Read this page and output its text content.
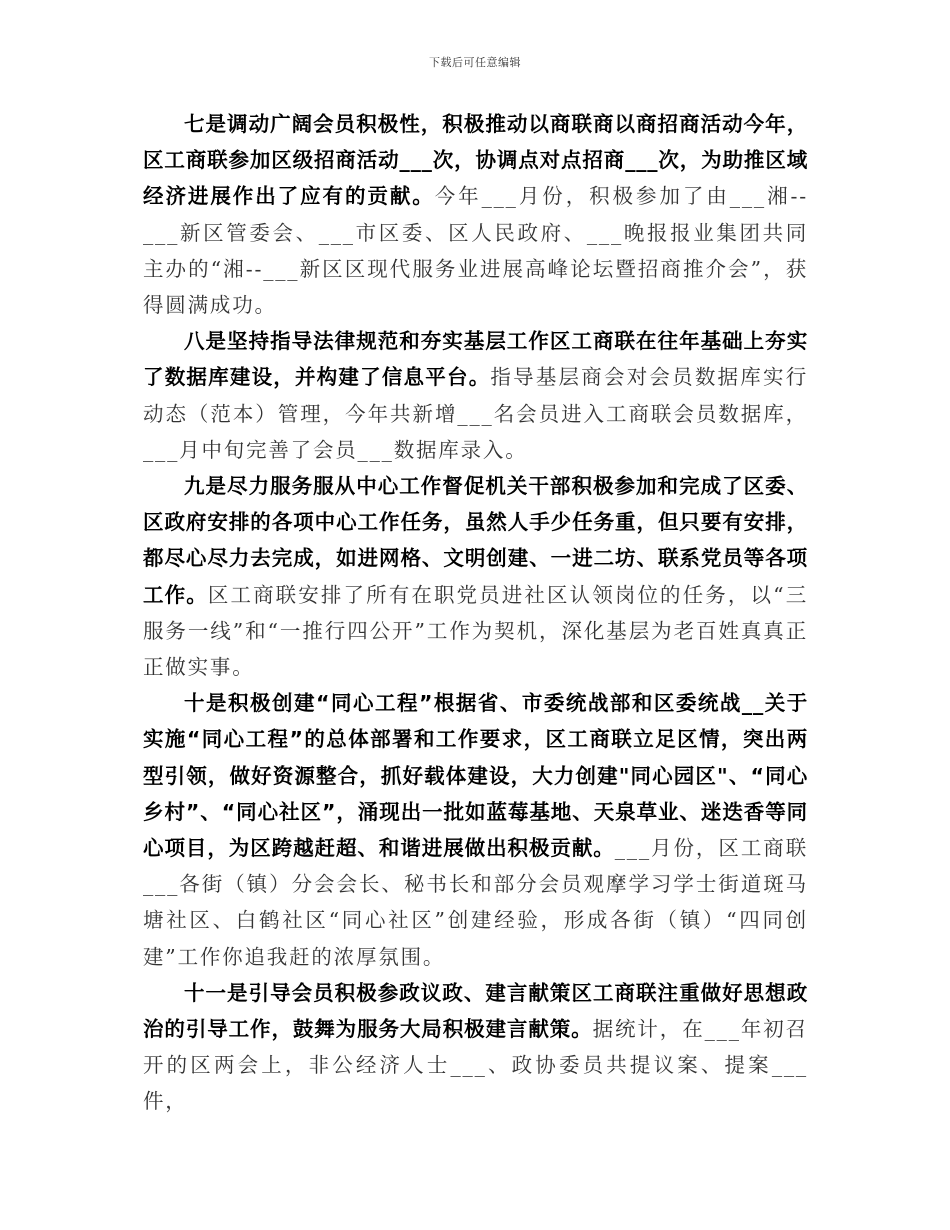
下载后可任意编辑

七是调动广阔会员积极性，积极推动以商联商以商招商活动今年，区工商联参加区级招商活动___次，协调点对点招商___次，为助推区域经济进展作出了应有的贡献。今年___月份，积极参加了由___湘--___新区管委会、___市区委、区人民政府、___晚报报业集团共同主办的“湘--___新区区现代服务业进展高峰论坛暨招商推介会”，获得圆满成功。

八是坚持指导法律规范和夯实基层工作区工商联在往年基础上夯实了数据库建设，并构建了信息平台。指导基层商会对会员数据库实行动态（范本）管理，今年共新增___名会员进入工商联会员数据库，___月中旬完善了会员___数据库录入。

九是尽力服务服从中心工作督促机关干部积极参加和完成了区委、区政府安排的各项中心工作任务，虽然人手少任务重，但只要有安排，都尽心尽力去完成，如进网格、文明创建、一进二坊、联系党员等各项工作。区工商联安排了所有在职党员进社区认领岗位的任务，以“三服务一线”和“一推行四公开”工作为契机，深化基层为老百姓真真正正做实事。

十是积极创建“同心工程”根据省、市委统战部和区委统战__关于实施“同心工程”的总体部署和工作要求，区工商联立足区情，突出两型引领，做好资源整合，抓好载体建设，大力创建"同心园区"、“同心乡村”、“同心社区”，涌现出一批如蓝莓基地、天泉草业、迷迭香等同心项目，为区跨越赶超、和谐进展做出积极贡献。___月份，区工商联___各街（镇）分会会长、秘书长和部分会员观摩学习学士街道斑马塘社区、白鹤社区“同心社区”创建经验，形成各街（镇）“四同创建”工作你追我赶的浓厚氛围。

十一是引导会员积极参政议政、建言献策区工商联注重做好思想政治的引导工作，鼓舞为服务大局积极建言献策。据统计，在___年初召开的区两会上，非公经济人士___、政协委员共提议案、提案___件，
